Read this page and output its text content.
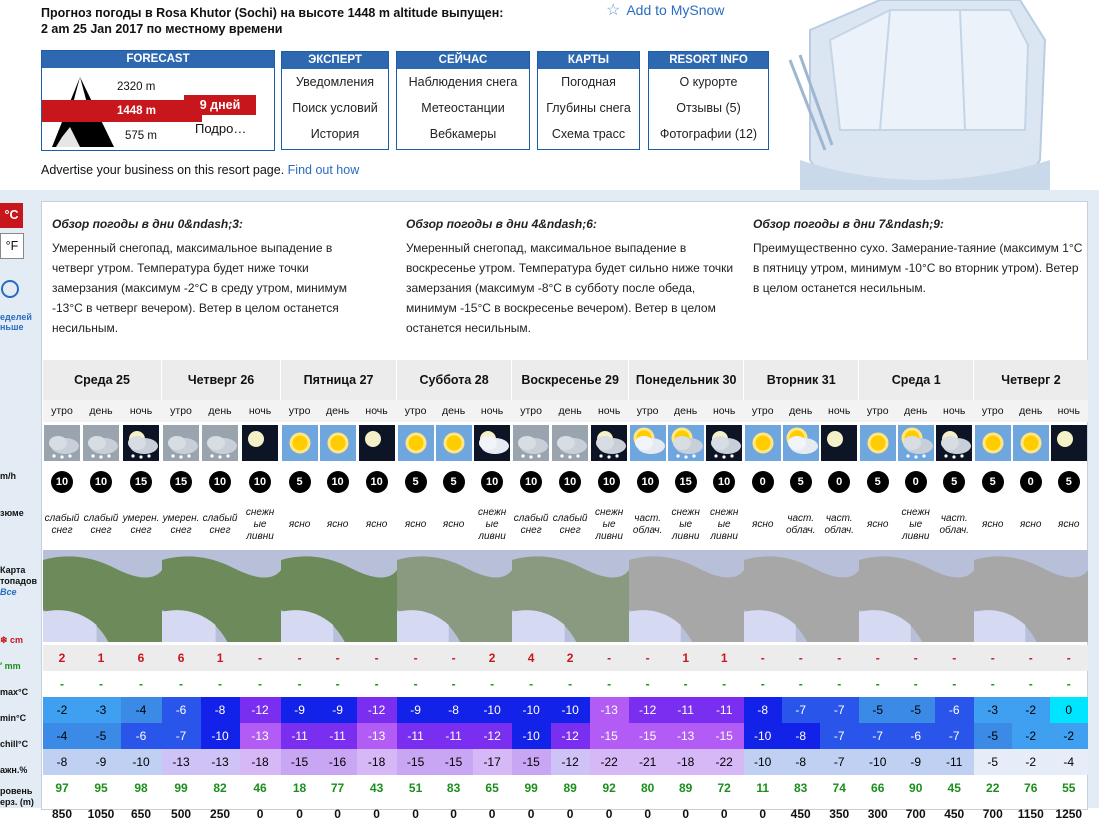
Прогноз погоды в Rosa Khutor (Sochi) на высоте 1448 m altitude выпущен:
2 am 25 Jan 2017 по местному времени
☆ Add to MySnow
FORECAST
2320 m
1448 m
575 m
9 дней
Подро…
ЭКСПЕРТ
Уведомления
Поиск условий
История
СЕЙЧАС
Наблюдения снега
Метеостанции
Вебкамеры
КАРТЫ
Погодная
Глубины снега
Схема трасс
RESORT INFO
О курорте
Отзывы (5)
Фотографии (12)
Advertise your business on this resort page. Find out how
°C
°F
еделей
ньше
m/h
зюме
Карта
топадов
Все
❄ cm
′ mm
max°C
min°C
chill°C
ажн.%
ровень
ерз. (m)
Обзор погоды в дни 0&ndash;3:
Умеренный снегопад, максимальное выпадение в четверг утром. Температура будет ниже точки замерзания (максимум -2°C в среду утром, минимум -13°C в четверг вечером). Ветер в целом останется несильным.
Обзор погоды в дни 4&ndash;6:
Умеренный снегопад, максимальное выпадение в воскресенье утром. Температура будет сильно ниже точки замерзания (максимум -8°C в субботу после обеда, минимум -15°C в воскресенье вечером). Ветер в целом останется несильным.
Обзор погоды в дни 7&ndash;9:
Преимущественно сухо. Замерание-таяние (максимум 1°C в пятницу утром, минимум -10°C во вторник утром). Ветер в целом останется несильным.
Среда 25			Четверг 26			Пятница 27			Суббота 28			Воскресенье 29			Понедельник 30			Вторник 31			Среда 1			Четверг 2		
утро	день	ночь	утро	день	ночь	утро	день	ночь	утро	день	ночь	утро	день	ночь	утро	день	ночь	утро	день	ночь	утро	день	ночь	утро	день	ночь

10	10	15	15	10	10	5	10	10	5	5	10	10	10	10	10	15	10	0	5	0	5	0	5	5	0	5
слабый снег	слабый снег	умерен. снег	умерен. снег	слабый снег	снежн ые ливни	ясно	ясно	ясно	ясно	ясно	снежн ые ливни	слабый снег	слабый снег	снежн ые ливни	част. облач.	снежн ые ливни	снежн ые ливни	ясно	част. облач.	част. облач.	ясно	снежн ые ливни	част. облач.	ясно	ясно	ясно

2	1	6	6	1	-	-	-	-	-	-	2	4	2	-	-	1	1	-	-	-	-	-	-	-	-	-
-	-	-	-	-	-	-	-	-	-	-	-	-	-	-	-	-	-	-	-	-	-	-	-	-	-	-
-2	-3	-4	-6	-8	-12	-9	-9	-12	-9	-8	-10	-10	-10	-13	-12	-11	-11	-8	-7	-7	-5	-5	-6	-3	-2	0
-4	-5	-6	-7	-10	-13	-11	-11	-13	-11	-11	-12	-10	-12	-15	-15	-13	-15	-10	-8	-7	-7	-6	-7	-5	-2	-2
-8	-9	-10	-13	-13	-18	-15	-16	-18	-15	-15	-17	-15	-12	-22	-21	-18	-22	-10	-8	-7	-10	-9	-11	-5	-2	-4
97	95	98	99	82	46	18	77	43	51	83	65	99	89	92	80	89	72	11	83	74	66	90	45	22	76	55
850	1050	650	500	250	0	0	0	0	0	0	0	0	0	0	0	0	0	0	450	350	300	700	450	700	1150	1250
